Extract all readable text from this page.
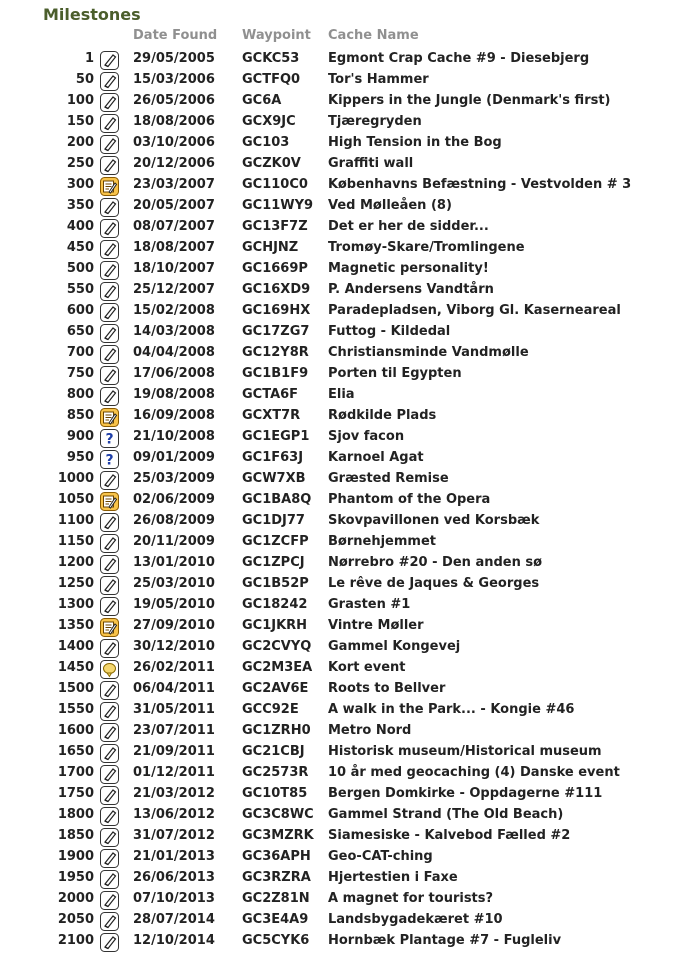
Milestones
Date Found Waypoint Cache Name
1	29/05/2005 GCKC53 Egmont Crap Cache #9 - Diesebjerg
50	15/03/2006 GCTFQ0 Tor's Hammer
100	26/05/2006 GC6A	Kippers in the Jungle (Denmark's first)
150	18/08/2006 GCX9JC Tjæregryden
200	03/10/2006 GC103	High Tension in the Bog
250	20/12/2006 GCZK0V Graffiti wall
300	23/03/2007 GC110C0 Københavns Befæstning - Vestvolden # 3
350	20/05/2007 GC11WY9 Ved Mølleåen (8)
400	08/07/2007 GC13F7Z Det er her de sidder...
450	18/08/2007 GCHJNZ Tromøy-Skare/Tromlingene
500	18/10/2007 GC1669P Magnetic personality!
550	25/12/2007 GC16XD9 P. Andersens Vandtårn
600	15/02/2008 GC169HX Paradepladsen, Viborg Gl. Kaserneareal
650	14/03/2008 GC17ZG7 Futtog - Kildedal
700	04/04/2008 GC12Y8R Christiansminde Vandmølle
750	17/06/2008 GC1B1F9 Porten til Egypten
800	19/08/2008 GCTA6F Elia
850	16/09/2008 GCXT7R Rødkilde Plads
900 ? 21/10/2008 GC1EGP1 Sjov facon
950 ? 09/01/2009 GC1F63J Karnoel Agat
1000	25/03/2009 GCW7XB Græsted Remise
1050	02/06/2009 GC1BA8Q Phantom of the Opera
1100	26/08/2009 GC1DJ77 Skovpavillonen ved Korsbæk
1150	20/11/2009 GC1ZCFP Børnehjemmet
1200	13/01/2010 GC1ZPCJ Nørrebro #20 - Den anden sø
1250	25/03/2010 GC1B52P Le rêve de Jaques & Georges
1300	19/05/2010 GC18242 Grasten #1
1350	27/09/2010 GC1JKRH Vintre Møller
1400	30/12/2010 GC2CVYQ Gammel Kongevej
1450	26/02/2011 GC2M3EA Kort event
1500	06/04/2011 GC2AV6E Roots to Bellver
1550	31/05/2011 GCC92E A walk in the Park... - Kongie #46
1600	23/07/2011 GC1ZRH0 Metro Nord
1650	21/09/2011 GC21CBJ Historisk museum/Historical museum
1700	01/12/2011 GC2573R 10 år med geocaching (4) Danske event
1750	21/03/2012 GC10T85 Bergen Domkirke - Oppdagerne #111
1800	13/06/2012 GC3C8WC Gammel Strand (The Old Beach)
1850	31/07/2012 GC3MZRK Siamesiske - Kalvebod Fælled #2
1900	21/01/2013 GC36APH Geo-CAT-ching
1950	26/06/2013 GC3RZRA Hjertestien i Faxe
2000	07/10/2013 GC2Z81N A magnet for tourists?
2050	28/07/2014 GC3E4A9 Landsbygadekæret #10
2100	12/10/2014 GC5CYK6 Hornbæk Plantage #7 - Fugleliv
